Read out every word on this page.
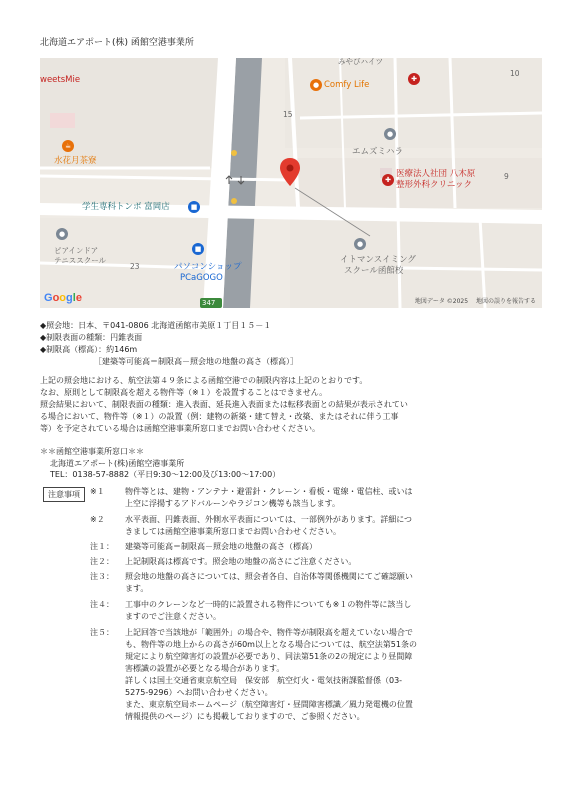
北海道エアポート(株) 函館空港事業所
weetsMie
みやびハイツ
● Comfy Life
10
15
✚
☕
水花月茶寮
●
エムズミハラ
✚
医療法人社団 八木原
整形外科クリニック
9
学生専科トンボ 富岡店	■
●
ピアインドア
テニススクール
23
■
パソコンショップ
PCaGOGO
347
●
イトマンスイミング
スクール函館校
Google	地図データ ©2025 地図の誤りを報告する
◆照会地：日本、〒041-0806 北海道函館市美原１丁目１５－１
◆制限表面の種類：円錐表面
◆制限高（標高）：約146m
［建築等可能高＝制限高－照会地の地盤の高さ（標高）］
上記の照会地における、航空法第４９条による函館空港での制限内容は上記のとおりです。
なお、原則として制限高を超える物件等（※１）を設置することはできません。
照会結果において、制限表面の種類：進入表面、延長進入表面または転移表面との結果が表示されてい
る場合において、物件等（※１）の設置（例：建物の新築・建て替え・改築、またはそれに伴う工事
等）を予定されている場合は函館空港事業所窓口までお問い合わせください。
＊＊函館空港事業所窓口＊＊
北海道エアポート(株)函館空港事業所
TEL：0138-57-8882（平日9:30～12:00及び13:00～17:00）
注意事項	※１	物件等とは、建物・アンテナ・避雷針・クレーン・看板・電線・電信柱、或いは
上空に浮揚するアドバルーンやラジコン機等も該当します。
※２	水平表面、円錐表面、外側水平表面については、一部例外があります。詳細につ
きましては函館空港事業所窓口までお問い合わせください。
注１： 建築等可能高＝制限高－照会地の地盤の高さ（標高）
注２： 上記制限高は標高です。照会地の地盤の高さにご注意ください。
注３： 照会地の地盤の高さについては、照会者各自、自治体等関係機関にてご確認願い
ます。
注４： 工事中のクレーンなど一時的に設置される物件についても※１の物件等に該当し
ますのでご注意ください。
注５： 上記回答で当該地が「範囲外」の場合や、物件等が制限高を超えていない場合で
も、物件等の地上からの高さが60m以上となる場合については、航空法第51条の
規定により航空障害灯の設置が必要であり、同法第51条の2の規定により昼間障
害標識の設置が必要となる場合があります。
詳しくは国土交通省東京航空局　保安部　航空灯火・電気技術課監督係（03-
5275-9296）へお問い合わせください。
また、東京航空局ホームページ（航空障害灯・昼間障害標識／風力発電機の位置
情報提供のページ）にも掲載しておりますので、ご参照ください。
